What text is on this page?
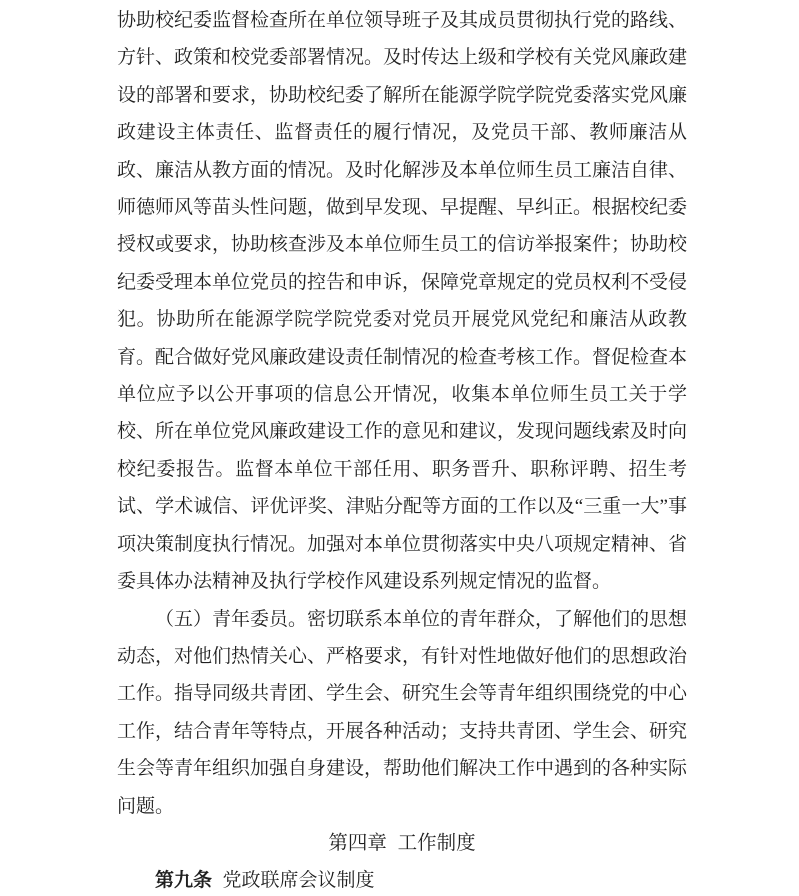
协助校纪委监督检查所在单位领导班子及其成员贯彻执行党的路线、方针、政策和校党委部署情况。及时传达上级和学校有关党风廉政建设的部署和要求，协助校纪委了解所在能源学院学院党委落实党风廉政建设主体责任、监督责任的履行情况，及党员干部、教师廉洁从政、廉洁从教方面的情况。及时化解涉及本单位师生员工廉洁自律、师德师风等苗头性问题，做到早发现、早提醒、早纠正。根据校纪委授权或要求，协助核查涉及本单位师生员工的信访举报案件；协助校纪委受理本单位党员的控告和申诉，保障党章规定的党员权利不受侵犯。协助所在能源学院学院党委对党员开展党风党纪和廉洁从政教育。配合做好党风廉政建设责任制情况的检查考核工作。督促检查本单位应予以公开事项的信息公开情况，收集本单位师生员工关于学校、所在单位党风廉政建设工作的意见和建议，发现问题线索及时向校纪委报告。监督本单位干部任用、职务晋升、职称评聘、招生考试、学术诚信、评优评奖、津贴分配等方面的工作以及“三重一大”事项决策制度执行情况。加强对本单位贯彻落实中央八项规定精神、省委具体办法精神及执行学校作风建设系列规定情况的监督。

（五）青年委员。密切联系本单位的青年群众，了解他们的思想动态，对他们热情关心、严格要求，有针对性地做好他们的思想政治工作。指导同级共青团、学生会、研究生会等青年组织围绕党的中心工作，结合青年等特点，开展各种活动；支持共青团、学生会、研究生会等青年组织加强自身建设，帮助他们解决工作中遇到的各种实际问题。

第四章 工作制度

第九条 党政联席会议制度
